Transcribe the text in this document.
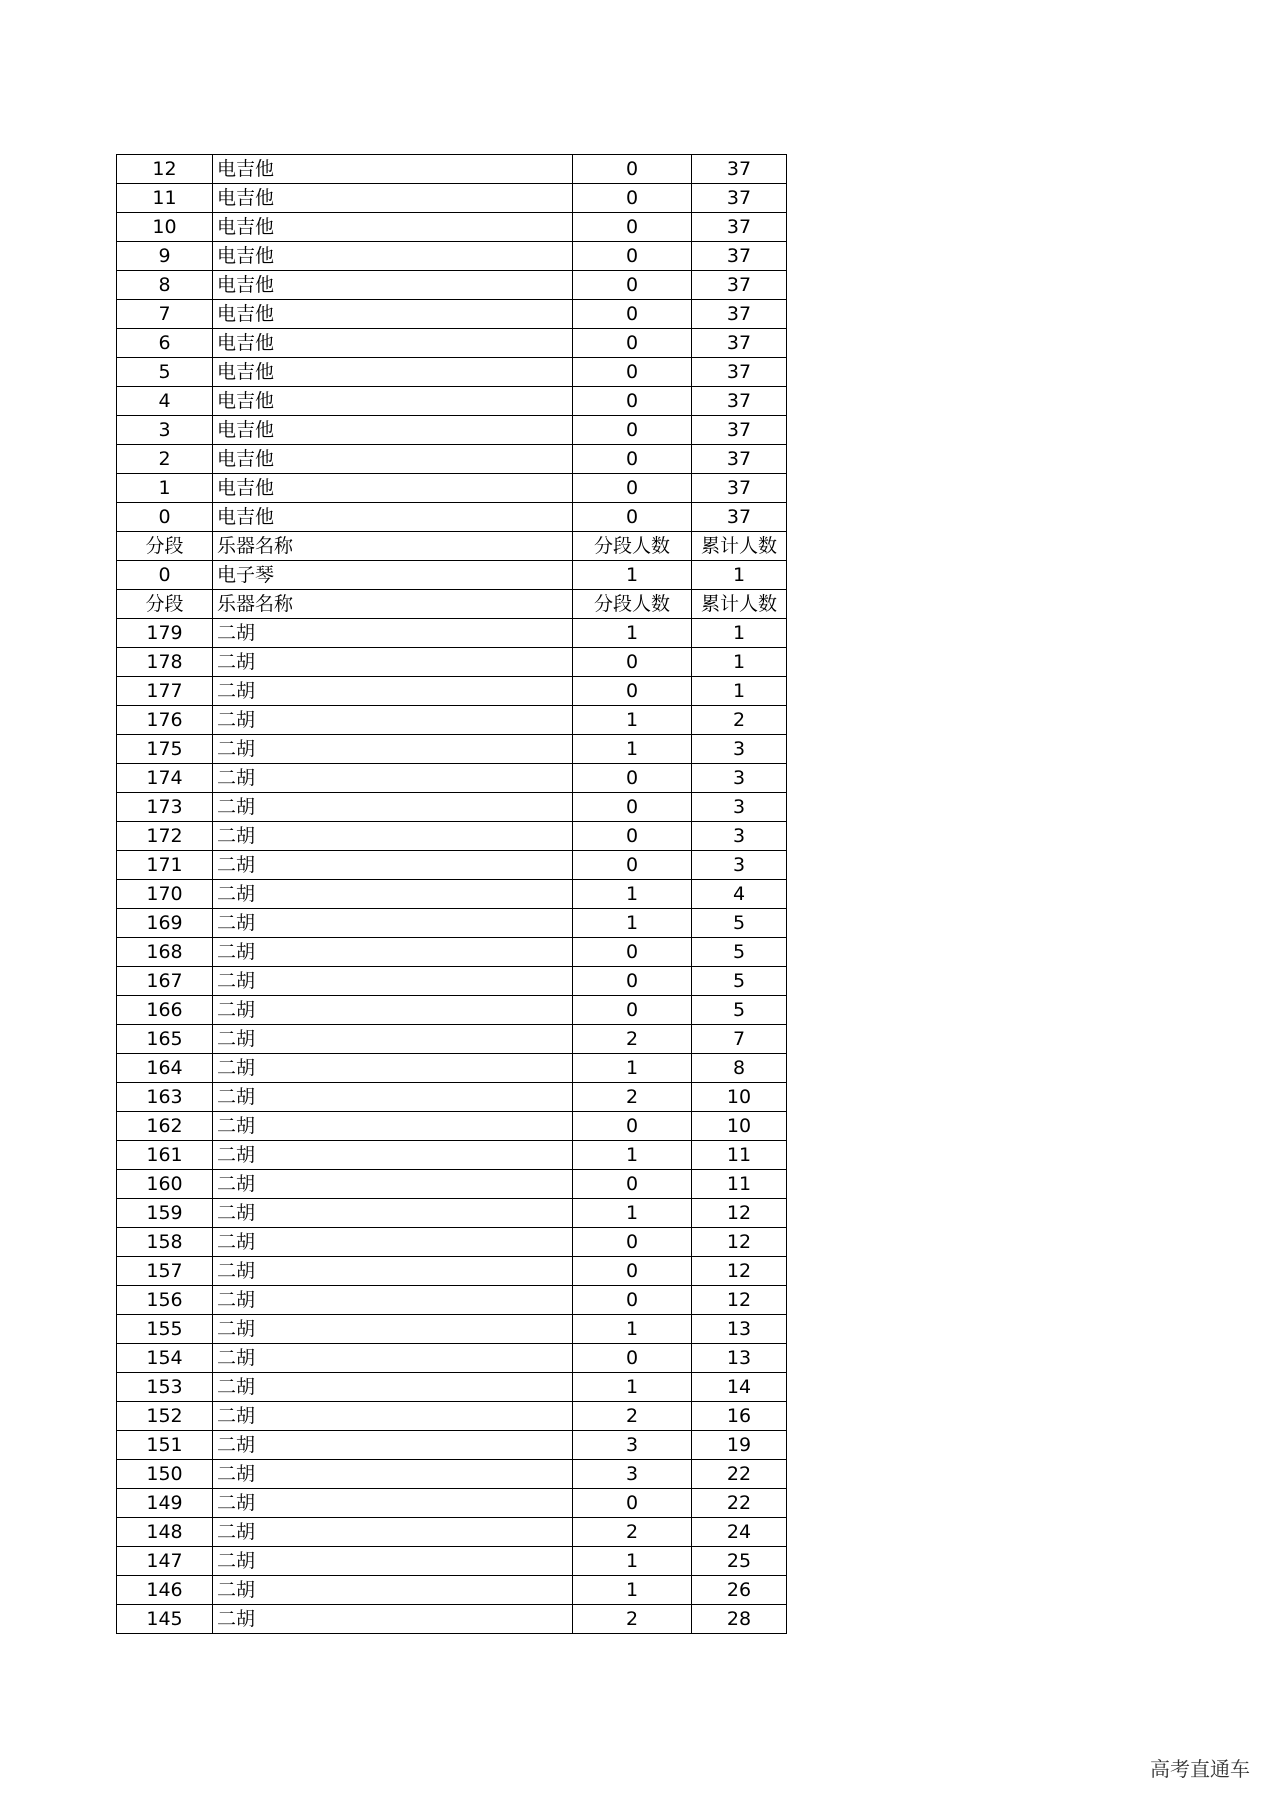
12	电吉他	0	37
11	电吉他	0	37
10	电吉他	0	37
9	电吉他	0	37
8	电吉他	0	37
7	电吉他	0	37
6	电吉他	0	37
5	电吉他	0	37
4	电吉他	0	37
3	电吉他	0	37
2	电吉他	0	37
1	电吉他	0	37
0	电吉他	0	37
分段	乐器名称	分段人数	累计人数
0	电子琴	1	1
分段	乐器名称	分段人数	累计人数
179	二胡	1	1
178	二胡	0	1
177	二胡	0	1
176	二胡	1	2
175	二胡	1	3
174	二胡	0	3
173	二胡	0	3
172	二胡	0	3
171	二胡	0	3
170	二胡	1	4
169	二胡	1	5
168	二胡	0	5
167	二胡	0	5
166	二胡	0	5
165	二胡	2	7
164	二胡	1	8
163	二胡	2	10
162	二胡	0	10
161	二胡	1	11
160	二胡	0	11
159	二胡	1	12
158	二胡	0	12
157	二胡	0	12
156	二胡	0	12
155	二胡	1	13
154	二胡	0	13
153	二胡	1	14
152	二胡	2	16
151	二胡	3	19
150	二胡	3	22
149	二胡	0	22
148	二胡	2	24
147	二胡	1	25
146	二胡	1	26
145	二胡	2	28
高考直通车
